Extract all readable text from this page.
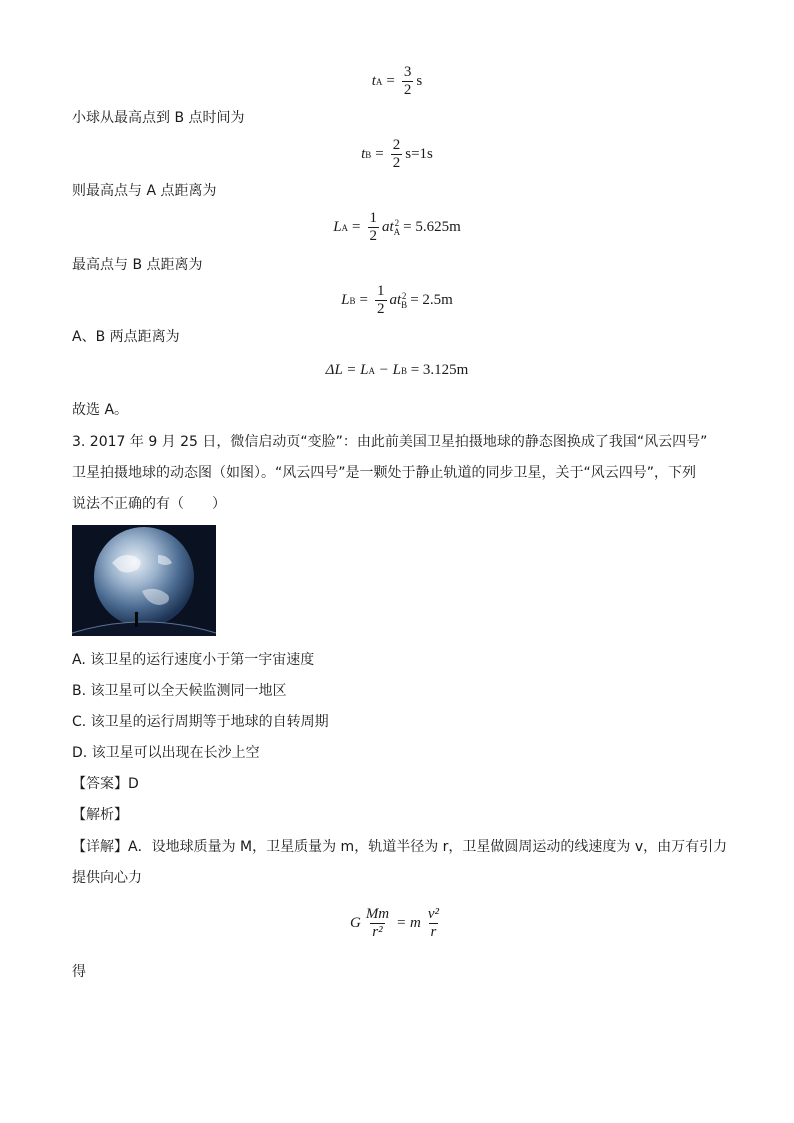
t $A = \frac{3}{2}$ s
小球从最高点到 B 点时间为
t $B = \frac{2}{2} s=1s$
则最高点与 A 点距离为
L $A = \frac{1}{2}$ at 2
A = 5.625m
最高点与 B 点距离为
L $B = \frac{1}{2}$ at 2
B = 2.5m
A、B 两点距离为
ΔL = L A − L B = 3.125m
故选 A。
3. 2017 年 9 月 25 日，微信启动页“变脸”：由此前美国卫星拍摄地球的静态图换成了我国“风云四号”
卫星拍摄地球的动态图（如图）。“风云四号”是一颗处于静止轨道的同步卫星，关于“风云四号”，下列
说法不正确的有（　　）
A. 该卫星的运行速度小于第一宇宙速度
B. 该卫星可以全天候监测同一地区
C. 该卫星的运行周期等于地球的自转周期
D. 该卫星可以出现在长沙上空
【答案】D
【解析】
【详解】A．设地球质量为 M，卫星质量为 m，轨道半径为 r，卫星做圆周运动的线速度为 v，由万有引力
提供向心力
G $\frac{Mm}{\text{r²}} = m \frac{\text{v²}}{r}$
得
